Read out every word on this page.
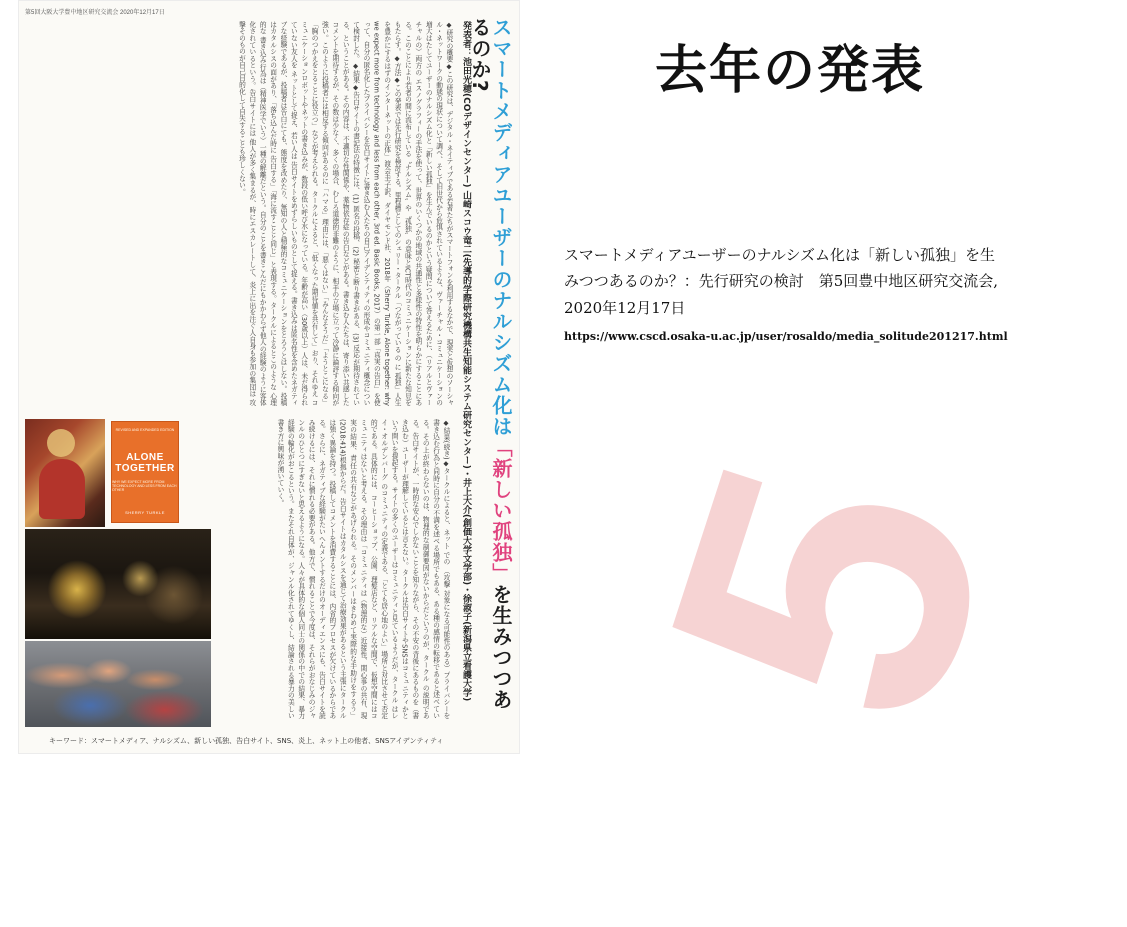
第5回大阪大学豊中地区研究交流会 2020年12月17日
スマートメディアユーザーのナルシズム化は「新しい孤独」を生みつつあるのか?
発表者：池田光穂(COデザインセンター) 山崎スコウ竜二(先導的学際研究機構共生知能システム研究センター)・井上大介(創価大学文学部)・徐淑子(新潟県立看護大学)
◆研究の概要◆この研究は、デジタル・ネイティブである若者たちがスマートフォンを利用するなかで、現実と仮想のソーシャル・ネットワークの動態の現状について調べ、そして旧世代から危惧されているような、ヴァーチャル・コミュニケーションの増大はたしてユーザーのナルシズム化と「新しい孤独」を生んでいるのかという疑問について答えるために、（リアルとヴァーチャルの）両方の エスノグラフィーの手法を使って、世界のいくつかの地域の共通性と多様性の特性を明らかにすることにある。このことにより若者の間に流布している〝ナルシズム〟や〝孤独〟の意味とICT時代のコミュニケーションに新たな知見をもたらす。◆方法◆この発表では先行研究を検討する。里程標としてのシェリー・タークル「つながっている の に 孤独」人生を豊かにするはずのインターネットの正体」渡会圭子訳、ダイヤモンド社、2018年（Sherry Turkle, Alone together: why we expect more from technology and less from each other, 3rd ed. Basic Books, 2017）の第一部「真実の告白」を使って、自分の匿名化したプライバシーを告白サイトに書き込む人たちの自己アイデンティティの形成やコミュニティ概念について検討した。◆結果◆告白サイトの書記法の特徴には、(1) 匿名の投稿、(2) 秘密と断り書きがある、(3) 反応が期待されている、ということがある。その内容は、不適切な性関係や、薬物依存症の告白などがある。書き込む人たちは、寄り添い共感したコメントを期待するが、その数は少なく、多くの場合、むしろ道徳的非難のように、相手の立場に立って冷静に論評する傾向が強い。このように投稿者には相反する傾向があるのに「ハマる」理由には、「悪くはない」「みんなそうだ」「ようとこになる」「胸のつかえをとることに役立つ」などが考えられる。タークルによると、「低くなった期待値を共有して」おり、それゆえ コミュニケーションロボットやネットの書き込みが、数段の低い呼び水になっている。年齢が高い（30歳以上）人は、未だ得られていない友人を ネットとして捉え、若い人は 告白サイトをめずらしいものとして捉える。書き込みは匿名性を含めたネガティブな経験であるが、投稿者は告白にても、態度を改めたり、無知の人と積極的なコミュニケーションをとろうとはしない。投稿はカタルシスの面があり、「落ち込んだ時に 告白する」「海に流すことと同じ」と表現する。タークルによるとこのような 心理的な 書き込み行為は（精神医学でいう）一種の解離だという。自分のことを書きこんだにもかかわらず他人の経験のように客体化されているという。告白サイトには 他人が多く集まるが、時にエスカレートして、炎上に出を注ぐ人自身も参加の集団は 攻撃そのものが自己目的化して自失することも珍しくない。
REVISED AND EXPANDED EDITION
ALONE TOGETHER
WHY WE EXPECT MORE FROM TECHNOLOGY AND LESS FROM EACH OTHER
SHERRY TURKLE	◆結果(続き)◆タークルによると、ネット での （攻撃 対象になる可能性のある）プライバシーを書き込む行為と同時に自分の不満を述べる場所でもある、ある種の感情の転移であると述べている。その上が終わらないのは、物理的な制御要因がないからだというのが、タークル の説明である。告白サイトが、一時的な安心でしかないことを知りながら、その不安の背後にあるものを（書き込む）ユーザーが理解しているとは言えない。タークルは告白サイトやSNSはコミュニティかという問いを提起する。サイトの多くのユーザーはコミュニティと見ているようだが、タークル はレイ・オルデンバーグ のコミュニティの定義である、「とても居心地のよい」場所と対比させて否定的である。具体的には、コーヒーショップ、公園、理髪店など、リアルな空間で、仮想空間にはコミュニティはないと考える。その理由は「コミュニティは（物理的な）近接性、関心事の共有、現実の結果、責任の共有などがあげられる。そのメンバーはきわめて実際的な手助けをするう」(2018:414)根拠からだ。告白サイトはカタルシスを通じて治療効果があるという主張にタークル は強く異論を持つ。投稿してコメントを消費することには、内省的プロセスが欠けているからである。さらに、ネガティブな経験がたいへんメントするだけのオーディエンスにも、告白サイトを読み続けるには、それに慣れる必要がある。他方で、慣れることで今度は、それらがおなじみのジャンルのひとつにすぎないと思えるようになる。人々が具体的な個人同士の関係の中での結果、暴力経験の輪化がおこるという。またそれ自体が、ジャンル化されてゆくし、結論される暴力の美しい書き方に興味が湧いていく。
キーワード：スマートメディア、ナルシズム、新しい孤独、告白サイト、SNS、炎上、ネット上の他者、SNSアイデンティティ 5
去年の発表
スマートメディアユーザーのナルシズム化は「新しい孤独」を生みつつあるのか？：先行研究の検討　第5回豊中地区研究交流会, 2020年12月17日
https://www.cscd.osaka-u.ac.jp/user/rosaldo/media_solitude201217.html
